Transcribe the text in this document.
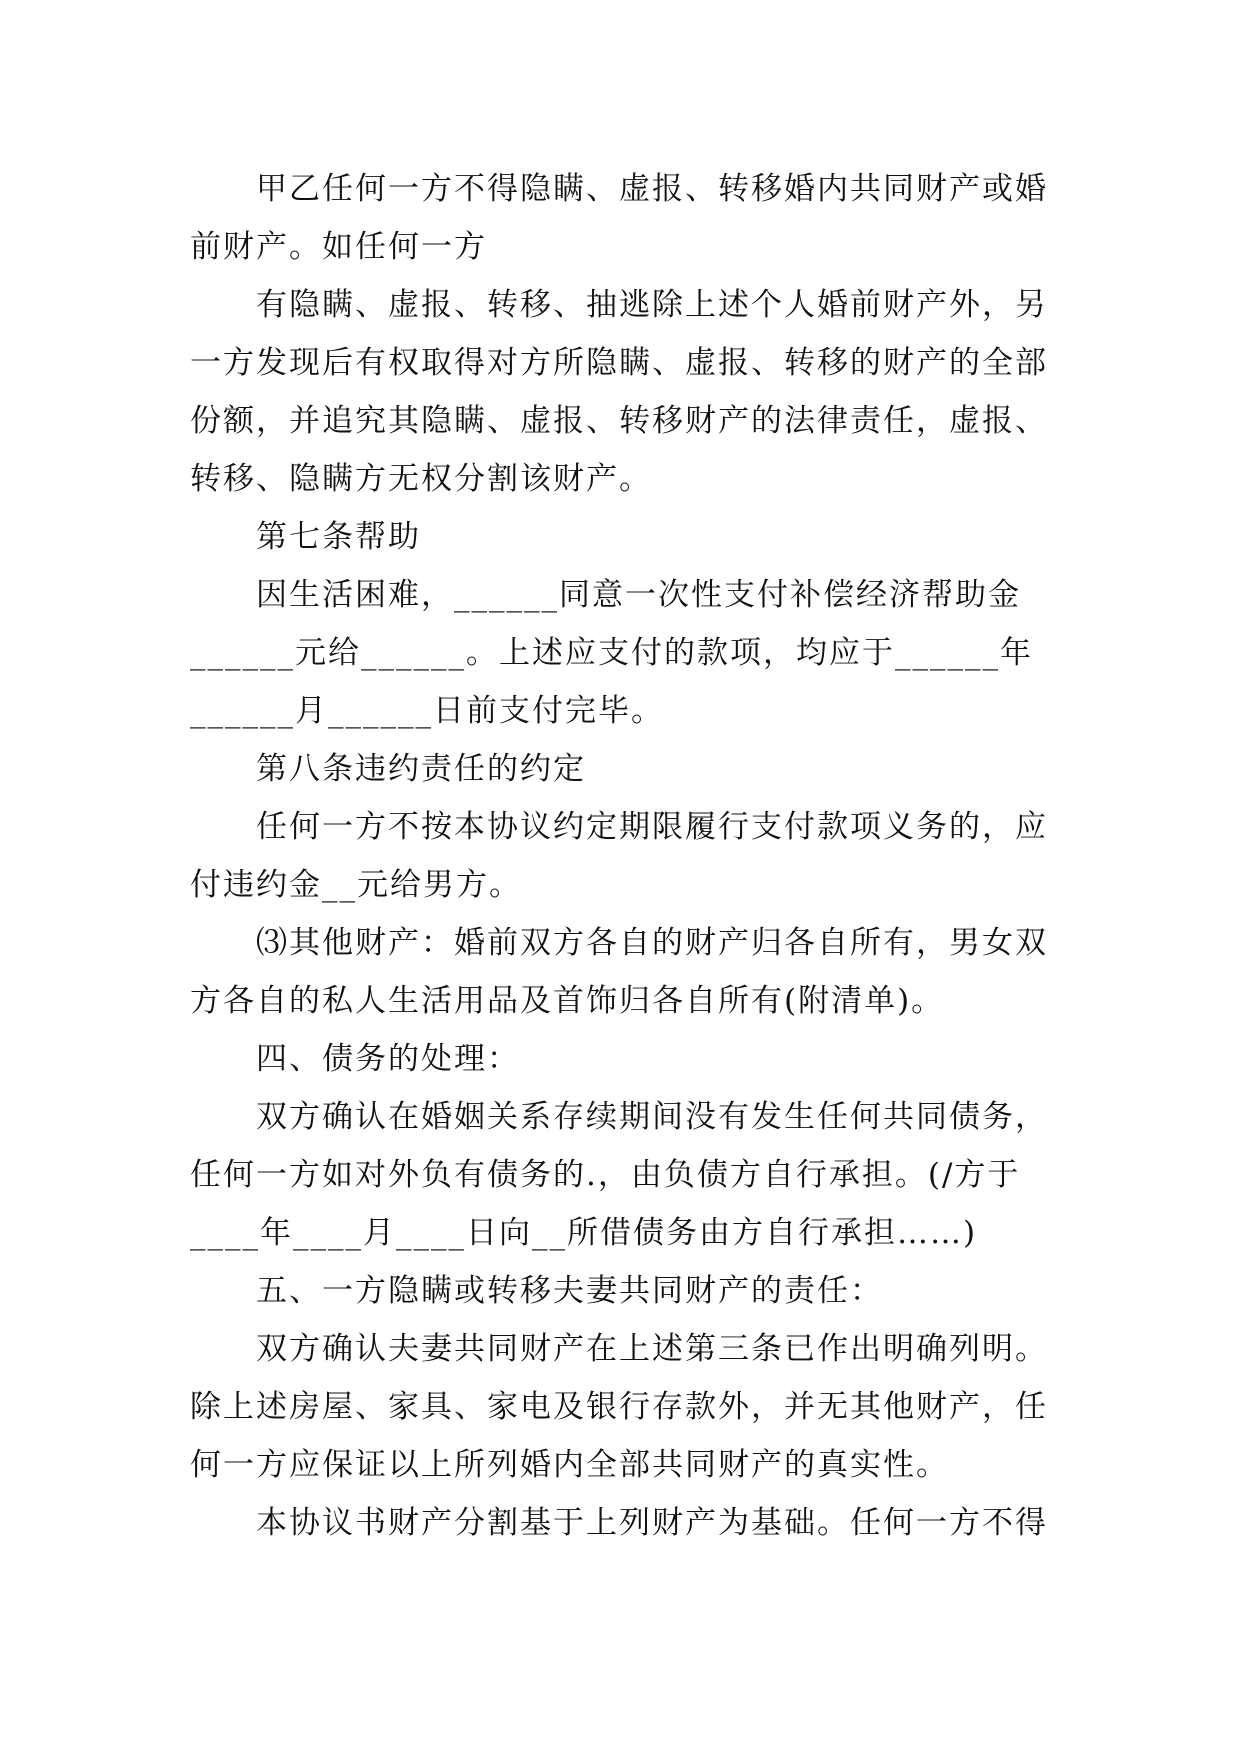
甲乙任何一方不得隐瞒、虚报、转移婚内共同财产或婚
前财产。如任何一方
有隐瞒、虚报、转移、抽逃除上述个人婚前财产外，另
一方发现后有权取得对方所隐瞒、虚报、转移的财产的全部
份额，并追究其隐瞒、虚报、转移财产的法律责任，虚报、
转移、隐瞒方无权分割该财产。
第七条帮助
因生活困难，______同意一次性支付补偿经济帮助金
______元给______。上述应支付的款项，均应于______年
______月______日前支付完毕。
第八条违约责任的约定
任何一方不按本协议约定期限履行支付款项义务的，应
付违约金__元给男方。
⑶其他财产：婚前双方各自的财产归各自所有，男女双
方各自的私人生活用品及首饰归各自所有(附清单)。
四、债务的处理：
双方确认在婚姻关系存续期间没有发生任何共同债务，
任何一方如对外负有债务的.，由负债方自行承担。(/方于
____年____月____日向__所借债务由方自行承担……)
五、一方隐瞒或转移夫妻共同财产的责任：
双方确认夫妻共同财产在上述第三条已作出明确列明。
除上述房屋、家具、家电及银行存款外，并无其他财产，任
何一方应保证以上所列婚内全部共同财产的真实性。
本协议书财产分割基于上列财产为基础。任何一方不得
